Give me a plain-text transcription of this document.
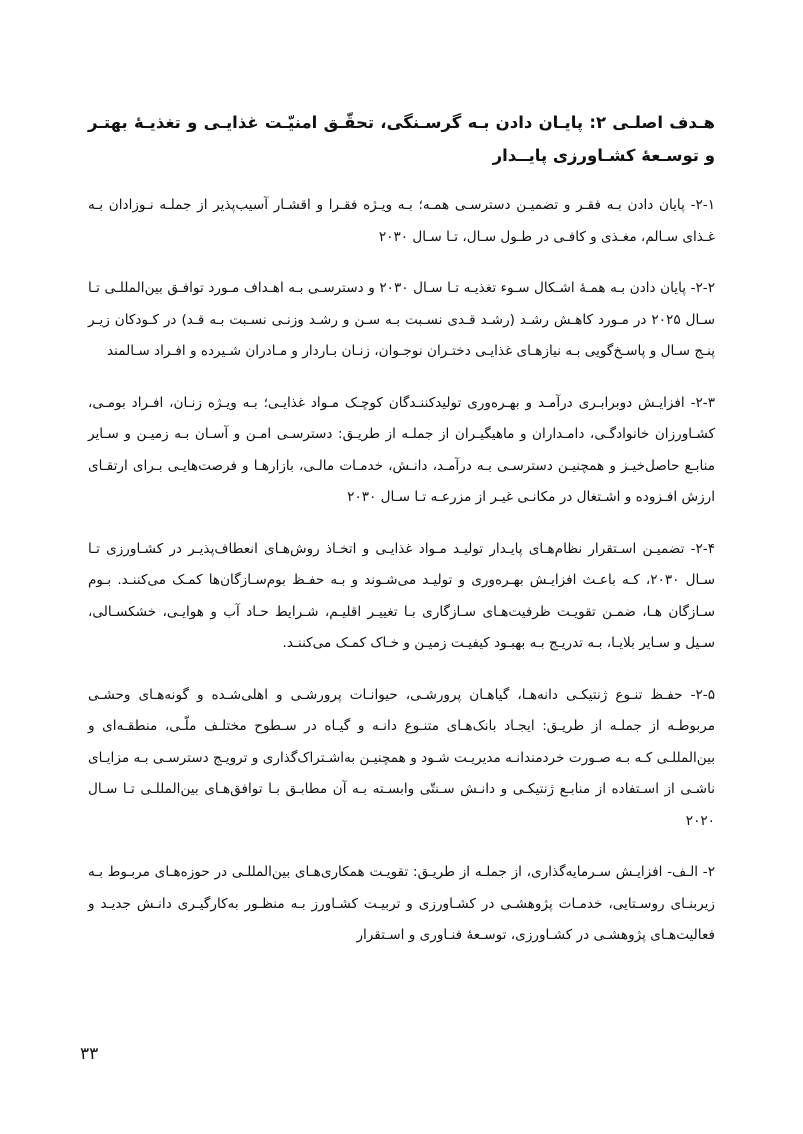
هـدف اصلـی ۲: پایـان دادن بـه گرسـنگی، تحقّـق امنیّـت غذایـی و تغذیـهٔ بهتـر و توسـعهٔ کشـاورزی پایــدار

۲-۱- پایان دادن بـه فقـر و تضمیـن دسترسـی همـه؛ بـه ویـژه فقـرا و اقشـار آسیب‌پذیر از جملـه نـوزادان بـه غـذای سـالم، مغـذی و کافـی در طـول سـال، تـا سـال ۲۰۳۰

۲-۲- پایان دادن بـه همـهٔ اشـکال سـوء تغذیـه تـا سـال ۲۰۳۰ و دسترسـی بـه اهـداف مـورد توافـق بین‌المللـی تـا سـال ۲۰۲۵ در مـورد کاهـش رشـد (رشـد قـدی نسـبت بـه سـن و رشـد وزنـی نسـبت بـه قـد) در کـودکان زیـر پنـج سـال و پاسـخ‌گویی بـه نیازهـای غذایـی دختـران نوجـوان، زنـان بـاردار و مـادران شـیرده و افـراد سـالمند

۲-۳- افزایـش دوبرابـری درآمـد و بهـره‌وری تولیدکننـدگان کوچـک مـواد غذایـی؛ بـه ویـژه زنـان، افـراد بومـی، کشـاورزان خانوادگـی، دامـداران و ماهیگیـران از جملـه از طریـق: دسترسـی امـن و آسـان بـه زمیـن و سـایر منابـع حاصل‌خیـز و همچنیـن دسترسـی بـه درآمـد، دانـش، خدمـات مالـی، بازارهـا و فرصت‌هایـی بـرای ارتقـای ارزش افـزوده و اشـتغال در مکانـی غیـر از مزرعـه تـا سـال ۲۰۳۰

۲-۴- تضمیـن اسـتقرار نظام‌هـای پایـدار تولیـد مـواد غذایـی و اتخـاذ روش‌هـای انعطاف‌پذیـر در کشـاورزی تـا سـال ۲۰۳۰، کـه باعـث افزایـش بهـره‌وری و تولیـد می‌شـوند و بـه حفـظ بوم‌سـازگان‌ها کمـک می‌کننـد. بـوم سـازگان هـا، ضمـن تقویـت ظرفیت‌هـای سـازگاری بـا تغییـر اقلیـم، شـرایط حـاد آب و هوایـی، خشکسـالی، سـیل و سـایر بلایـا، بـه تدریـج بـه بهبـود کیفیـت زمیـن و خـاک کمـک می‌کننـد.

۲-۵- حفـظ تنـوع ژنتیکـی دانه‌هـا، گیاهـان پرورشـی، حیوانـات پرورشـی و اهلی‌شـده و گونه‌هـای وحشـی مربوطـه از جملـه از طریـق: ایجـاد بانک‌هـای متنـوع دانـه و گیـاه در سـطوح مختلـف ملّـی، منطقـه‌ای و بین‌المللـی کـه بـه صـورت خردمندانـه مدیریـت شـود و همچنیـن به‌اشـتراک‌گذاری و ترویـج دسترسـی بـه مزایـای ناشـی از اسـتفاده از منابـع ژنتیکـی و دانـش سـنتّی وابسـته بـه آن مطابـق بـا توافق‌هـای بین‌المللـی تـا سـال ۲۰۲۰

۲- الـف- افزایـش سـرمایه‌گذاری، از جملـه از طریـق: تقویـت همکاری‌هـای بین‌المللـی در حوزه‌هـای مربـوط بـه زیربنـای روسـتایی، خدمـات پژوهشـی در کشـاورزی و تربیـت کشـاورز بـه منظـور به‌کارگیـری دانـش جدیـد و فعالیت‌هـای پژوهشـی در کشـاورزی، توسـعهٔ فنـاوری و اسـتقرار

۳۳
